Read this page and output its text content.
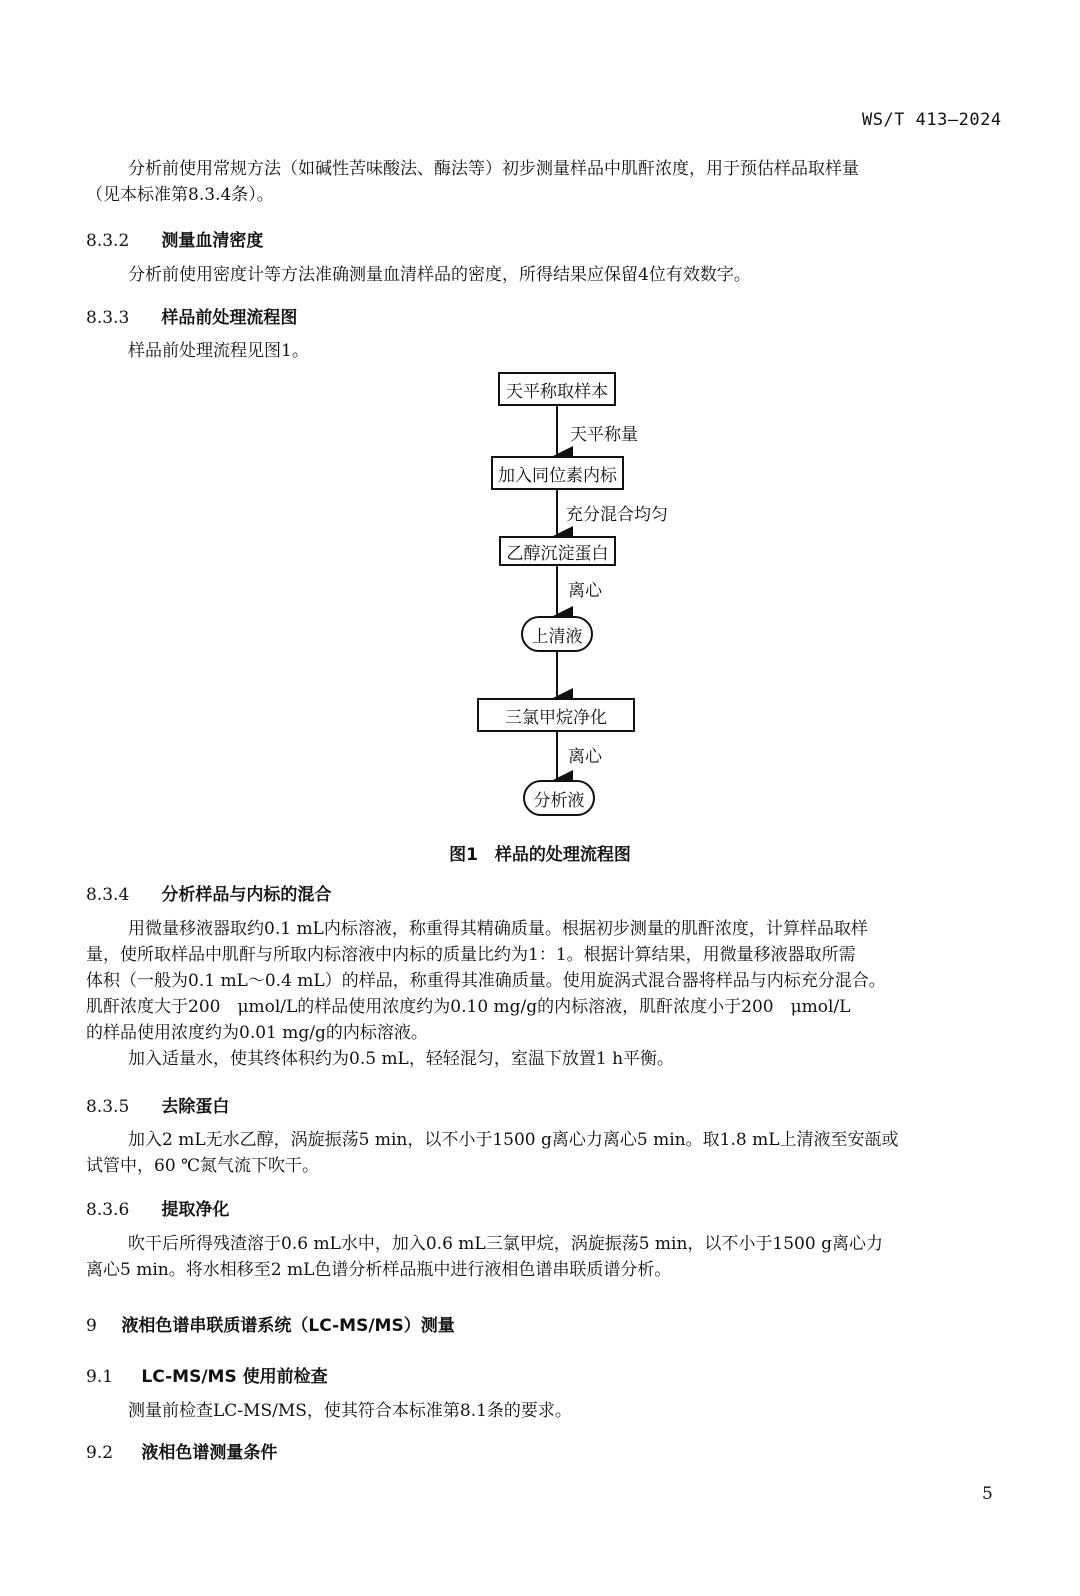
WS/T 413—2024
分析前使用常规方法（如碱性苦味酸法、酶法等）初步测量样品中肌酐浓度，用于预估样品取样量
（见本标准第8.3.4条）。
8.3.2 测量血清密度
分析前使用密度计等方法准确测量血清样品的密度，所得结果应保留4位有效数字。
8.3.3 样品前处理流程图
样品前处理流程见图1。
天平称取样本
天平称量
加入同位素内标
充分混合均匀
乙醇沉淀蛋白
离心
上清液
三氯甲烷净化
离心
分析液
图1　样品的处理流程图
8.3.4 分析样品与内标的混合
用微量移液器取约0.1 mL内标溶液，称重得其精确质量。根据初步测量的肌酐浓度，计算样品取样
量，使所取样品中肌酐与所取内标溶液中内标的质量比约为1：1。根据计算结果，用微量移液器取所需
体积（一般为0.1 mL～0.4 mL）的样品，称重得其准确质量。使用旋涡式混合器将样品与内标充分混合。
肌酐浓度大于200　μmol/L的样品使用浓度约为0.10 mg/g的内标溶液，肌酐浓度小于200　μmol/L
的样品使用浓度约为0.01 mg/g的内标溶液。
加入适量水，使其终体积约为0.5 mL，轻轻混匀，室温下放置1 h平衡。
8.3.5 去除蛋白
加入2 mL无水乙醇，涡旋振荡5 min，以不小于1500 g离心力离心5 min。取1.8 mL上清液至安瓿或
试管中，60 ℃氮气流下吹干。
8.3.6 提取净化
吹干后所得残渣溶于0.6 mL水中，加入0.6 mL三氯甲烷，涡旋振荡5 min，以不小于1500 g离心力
离心5 min。将水相移至2 mL色谱分析样品瓶中进行液相色谱串联质谱分析。
9 液相色谱串联质谱系统（LC-MS/MS）测量
9.1 LC-MS/MS 使用前检查
测量前检查LC-MS/MS，使其符合本标准第8.1条的要求。
9.2 液相色谱测量条件
5
